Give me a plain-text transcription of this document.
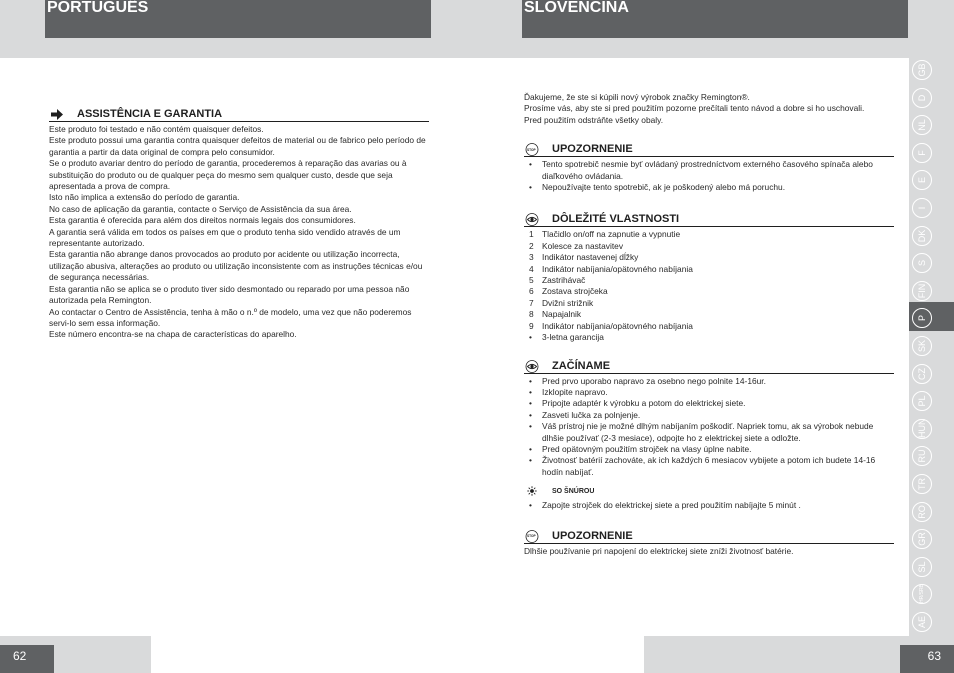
PORTUGUÊS	SLOVENČINA
ASSISTÊNCIA E GARANTIA

Este produto foi testado e não contém quaisquer defeitos.

Este produto possui uma garantia contra quaisquer defeitos de material ou de fabrico pelo período de garantia a partir da data original de compra pelo consumidor.

Se o produto avariar dentro do período de garantia, procederemos à reparação das avarias ou à substituição do produto ou de qualquer peça do mesmo sem qualquer custo, desde que seja apresentada a prova de compra.

Isto não implica a extensão do período de garantia.

No caso de aplicação da garantia, contacte o Serviço de Assistência da sua área.

Esta garantia é oferecida para além dos direitos normais legais dos consumidores.

A garantia será válida em todos os países em que o produto tenha sido vendido através de um representante autorizado.

Esta garantia não abrange danos provocados ao produto por acidente ou utilização incorrecta, utilização abusiva, alterações ao produto ou utilização inconsistente com as instruções técnicas e/ou de segurança necessárias.

Esta garantia não se aplica se o produto tiver sido desmontado ou reparado por uma pessoa não autorizada pela Remington.

Ao contactar o Centro de Assistência, tenha à mão o n.º de modelo, uma vez que não poderemos servi-lo sem essa informação.

Este número encontra-se na chapa de características do aparelho.

Ďakujeme, že ste si kúpili nový výrobok značky Remington®.

Prosíme vás, aby ste si pred použitím pozorne prečítali tento návod a dobre si ho uschovali.

Pred použitím odstráňte všetky obaly.

STOP UPOZORNENIE
• Tento spotrebič nesmie byť ovládaný prostredníctvom externého časového spínača alebo diaľkového ovládania.
• Nepoužívajte tento spotrebič, ak je poškodený alebo má poruchu.
DÔLEŽITÉ VLASTNOSTI
1 Tlačidlo on/off na zapnutie a vypnutie
2 Kolesce za nastavitev
3 Indikátor nastavenej dĺžky
4 Indikátor nabíjania/opätovného nabíjania
5 Zastrihávač
6 Zostava strojčeka
7 Dvižni strižnik
8 Napajalnik
9 Indikátor nabíjania/opätovného nabíjania
• 3-letna garancija
ZAČÍNAME
• Pred prvo uporabo napravo za osebno nego polnite 14-16ur.
• Izklopite napravo.
• Pripojte adaptér k výrobku a potom do elektrickej siete.
• Zasveti lučka za polnjenje.
• Váš prístroj nie je možné dlhým nabíjaním poškodiť. Napriek tomu, ak sa výrobok nebude dlhšie používať (2-3 mesiace), odpojte ho z elektrickej siete a odložte.
• Pred opätovným použitím strojček na vlasy úplne nabite.
• Životnosť batérií zachováte, ak ich každých 6 mesiacov vybijete a potom ich budete 14-16 hodín nabíjať.
SO ŠNÚROU
• Zapojte strojček do elektrickej siete a pred použitím nabíjajte 5 minút .
STOP UPOZORNENIE

Dlhšie používanie pri napojení do elektrickej siete zníži životnosť batérie.

GB
D
NL
F
E
I
DK
S
FIN
P
SK
CZ
PL
HUN
RU
TR
RO
GR
SL
HR/SRB
AE
62	63
